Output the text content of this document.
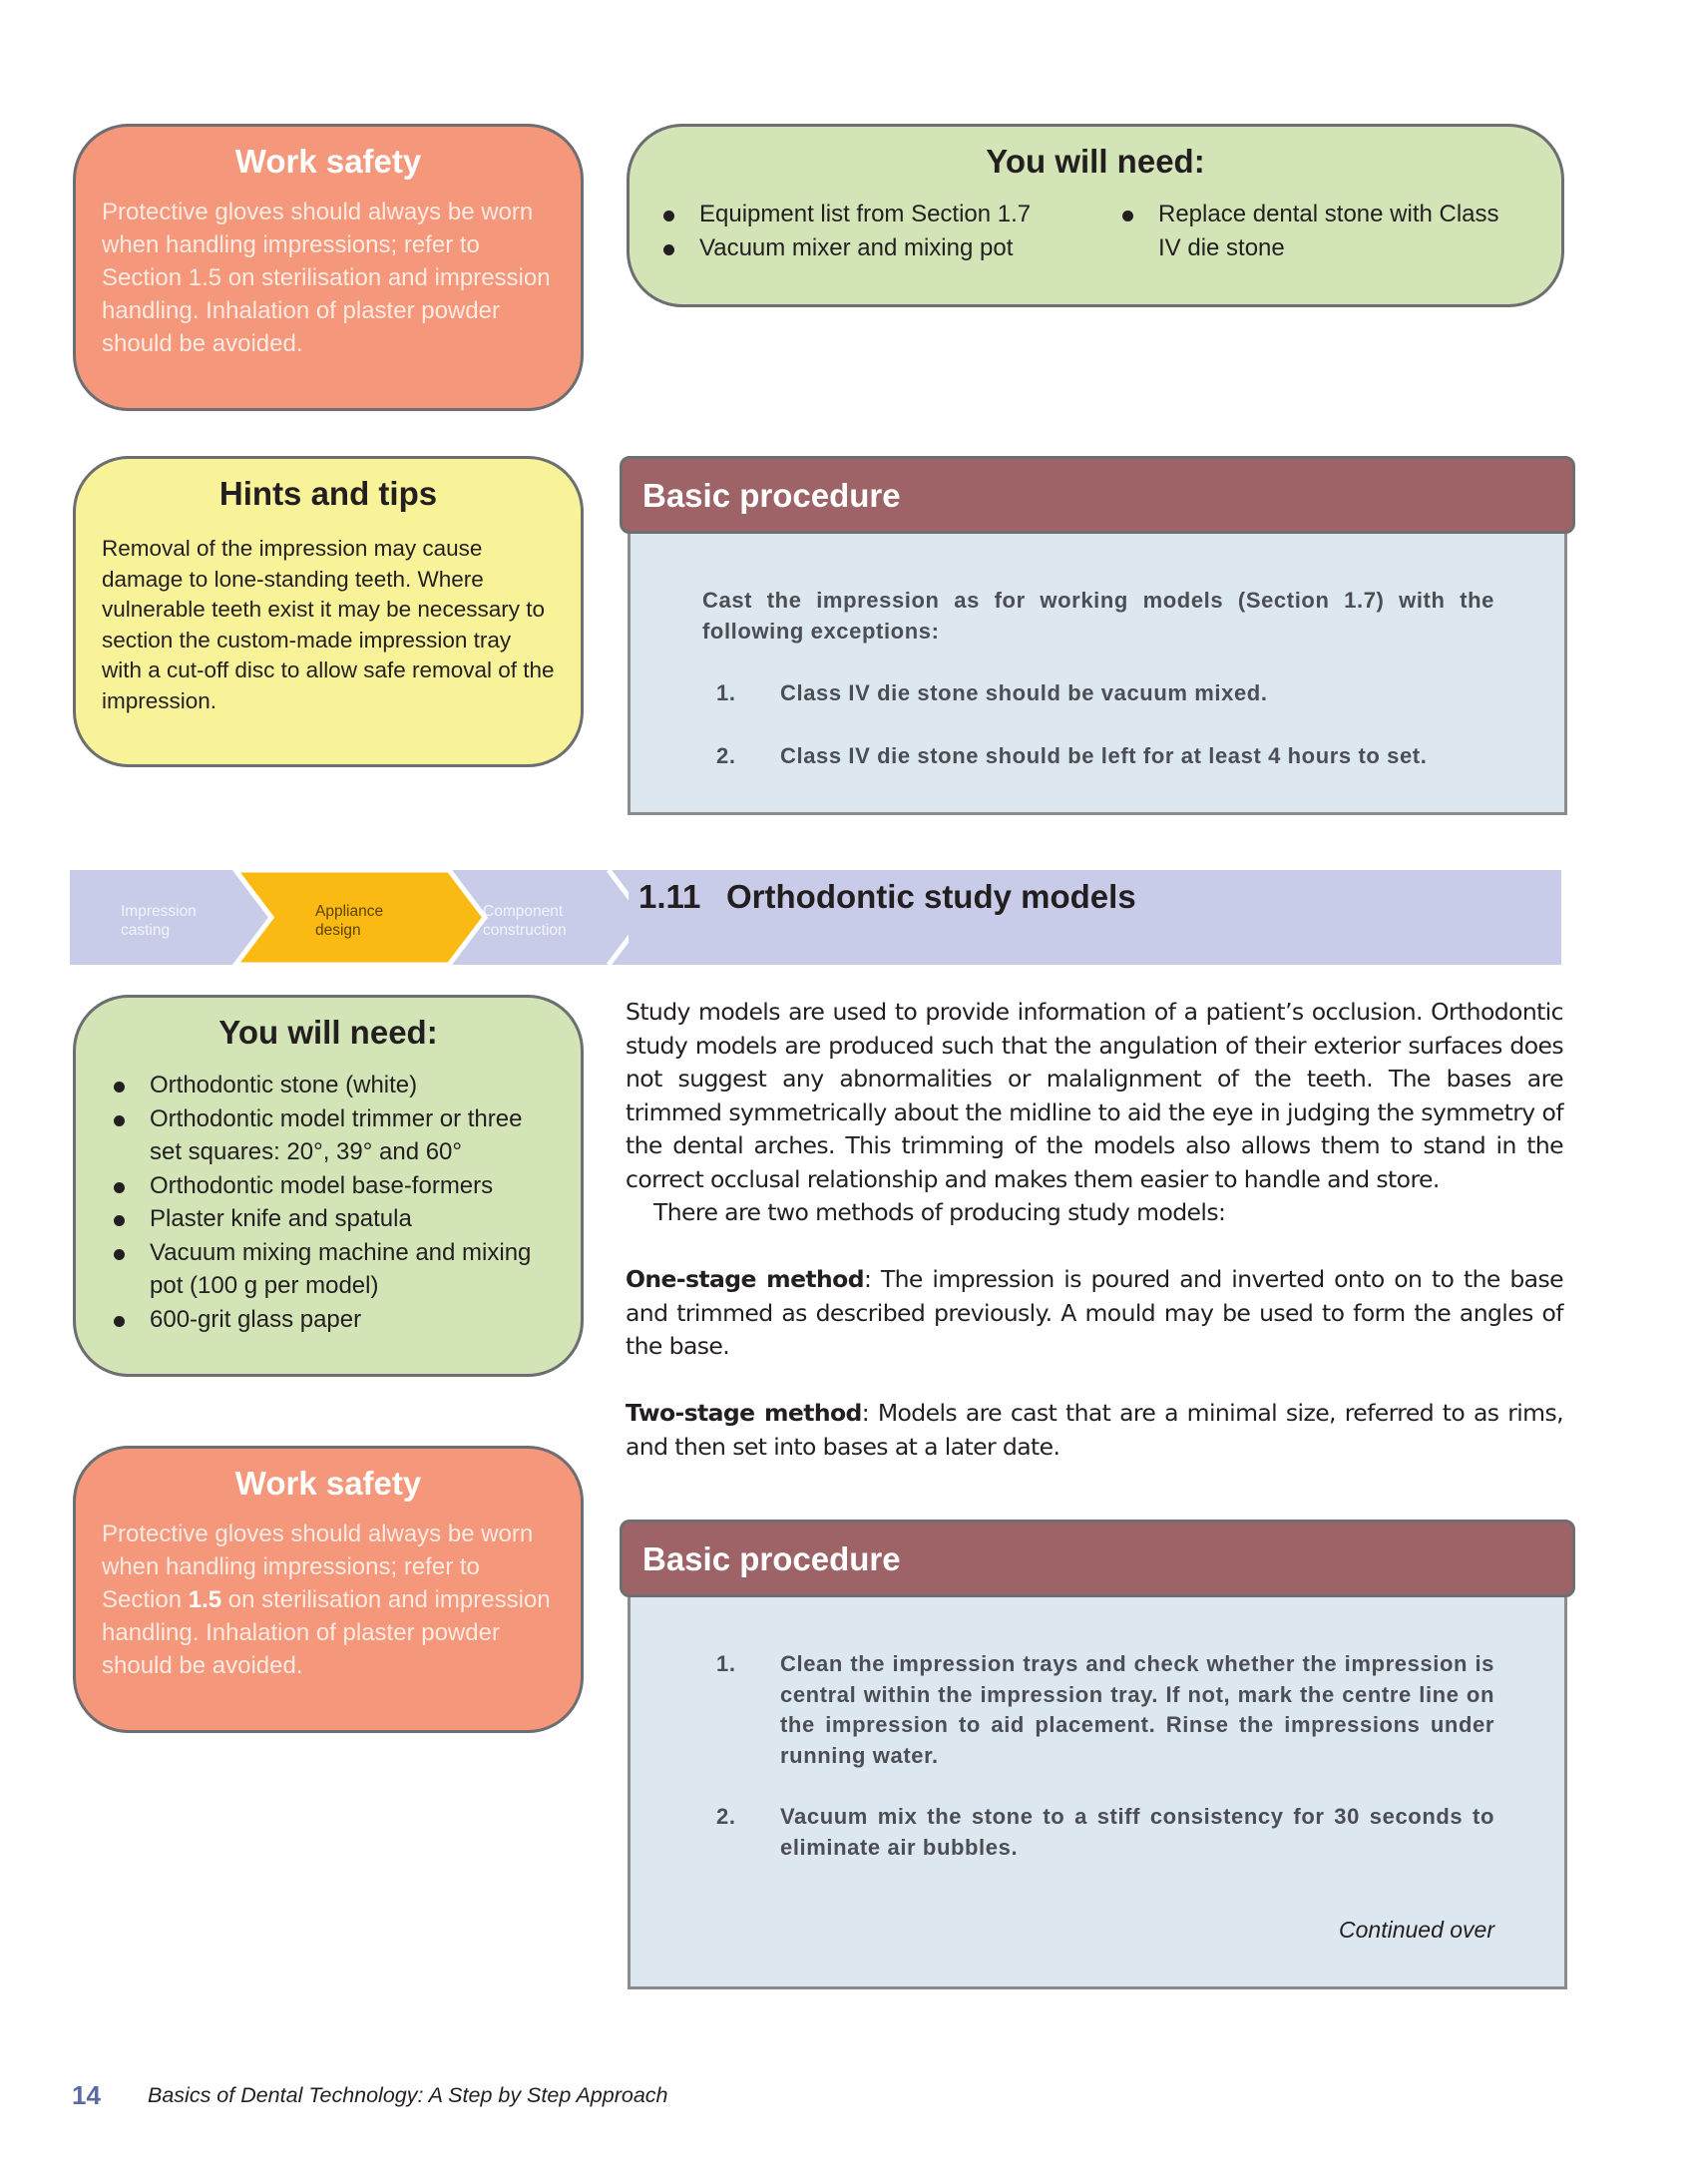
Work safety

Protective gloves should always be worn when handling impressions; refer to Section 1.5 on sterilisation and impression handling. Inhalation of plaster powder should be avoided.

You will need:
Equipment list from Section 1.7
Vacuum mixer and mixing pot
Replace dental stone with Class IV die stone
Hints and tips

Removal of the impression may cause damage to lone-standing teeth. Where vulnerable teeth exist it may be necessary to section the custom-made impression tray with a cut-off disc to allow safe removal of the impression.

Basic procedure

Cast the impression as for working models (Section 1.7) with the following exceptions:

1. Class IV die stone should be vacuum mixed.
2. Class IV die stone should be left for at least 4 hours to set.
Impression
casting
Appliance
design
Component
construction
1.11 Orthodontic study models
You will need:
Orthodontic stone (white)
Orthodontic model trimmer or three set squares: 20°, 39° and 60°
Orthodontic model base-formers
Plaster knife and spatula
Vacuum mixing machine and mixing pot (100 g per model)
600-grit glass paper

Study models are used to provide information of a patient’s occlusion. Orthodontic study models are produced such that the angulation of their exterior surfaces does not suggest any abnormalities or malalignment of the teeth. The bases are trimmed symmetrically about the midline to aid the eye in judging the symmetry of the dental arches. This trimming of the models also allows them to stand in the correct occlusal relationship and makes them easier to handle and store.

There are two methods of producing study models:

One-stage method: The impression is poured and inverted onto on to the base and trimmed as described previously. A mould may be used to form the angles of the base.

Two-stage method: Models are cast that are a minimal size, referred to as rims, and then set into bases at a later date.

Work safety

Protective gloves should always be worn when handling impressions; refer to Section 1.5 on sterilisation and impression handling. Inhalation of plaster powder should be avoided.

Basic procedure
1. Clean the impression trays and check whether the impression is central within the impression tray. If not, mark the centre line on the impression to aid placement. Rinse the impressions under running water.
2. Vacuum mix the stone to a stiff consistency for 30 seconds to eliminate air bubbles.
Continued over
14 Basics of Dental Technology: A Step by Step Approach
